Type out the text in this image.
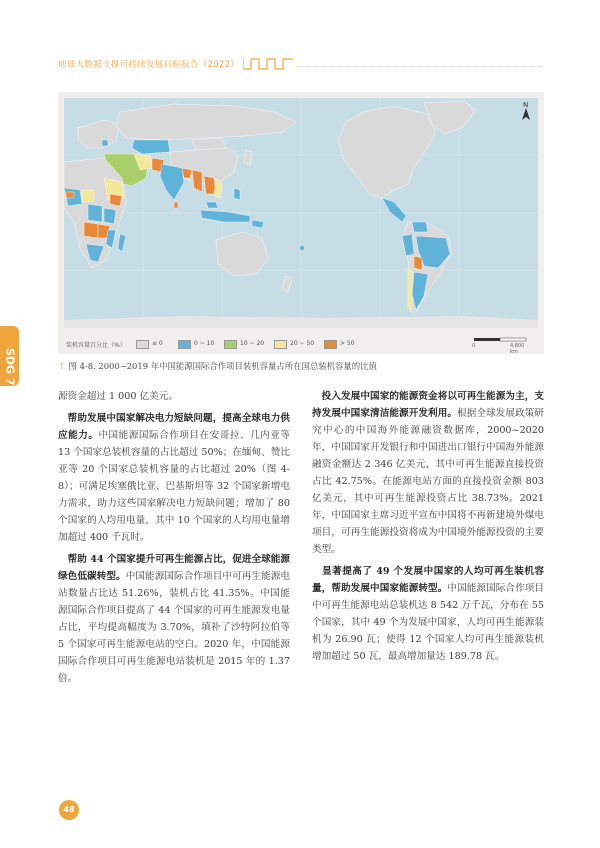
地球大数据支撑可持续发展目标报告（2022）
N
装机容量百分比（%）	≤ 0	0 ~ 10	10 ~ 20	20 ~ 50	> 50	0	4,800 km
↑ 图 4-8. 2000~2019 年中国能源国际合作项目装机容量占所在国总装机容量的比值

源资金超过 1 000 亿美元。

 帮助发展中国家解决电力短缺问题，提高全球电力供应能力。中国能源国际合作项目在安哥拉、几内亚等 13 个国家总装机容量的占比超过 50%；在缅甸、赞比亚等 20 个国家总装机容量的占比超过 20%（图 4-8）；可满足埃塞俄比亚、巴基斯坦等 32 个国家新增电力需求，助力这些国家解决电力短缺问题；增加了 80 个国家的人均用电量，其中 10 个国家的人均用电量增加超过 400 千瓦时。

 帮助 44 个国家提升可再生能源占比，促进全球能源绿色低碳转型。中国能源国际合作项目中可再生能源电站数量占比达 51.26%，装机占比 41.35%。中国能源国际合作项目提高了 44 个国家的可再生能源发电量占比，平均提高幅度为 3.70%，填补了沙特阿拉伯等 5 个国家可再生能源电站的空白。2020 年，中国能源国际合作项目可再生能源电站装机是 2015 年的 1.37 倍。

 投入发展中国家的能源资金将以可再生能源为主，支持发展中国家清洁能源开发利用。根据全球发展政策研究中心的中国海外能源融资数据库，2000~2020 年，中国国家开发银行和中国进出口银行中国海外能源融资金额达 2 346 亿美元，其中可再生能源直接投资占比 42.75%。在能源电站方面的直接投资金额 803 亿美元，其中可再生能源投资占比 38.73%。2021 年，中国国家主席习近平宣布中国将不再新建境外煤电项目，可再生能源投资将成为中国境外能源投资的主要类型。

 显著提高了 49 个发展中国家的人均可再生装机容量，帮助发展中国家能源转型。中国能源国际合作项目中可再生能源电站总装机达 8 542 万千瓦，分布在 55 个国家，其中 49 个为发展中国家，人均可再生能源装机为 26.90 瓦；使得 12 个国家人均可再生能源装机增加超过 50 瓦，最高增加量达 189.78 瓦。

48
